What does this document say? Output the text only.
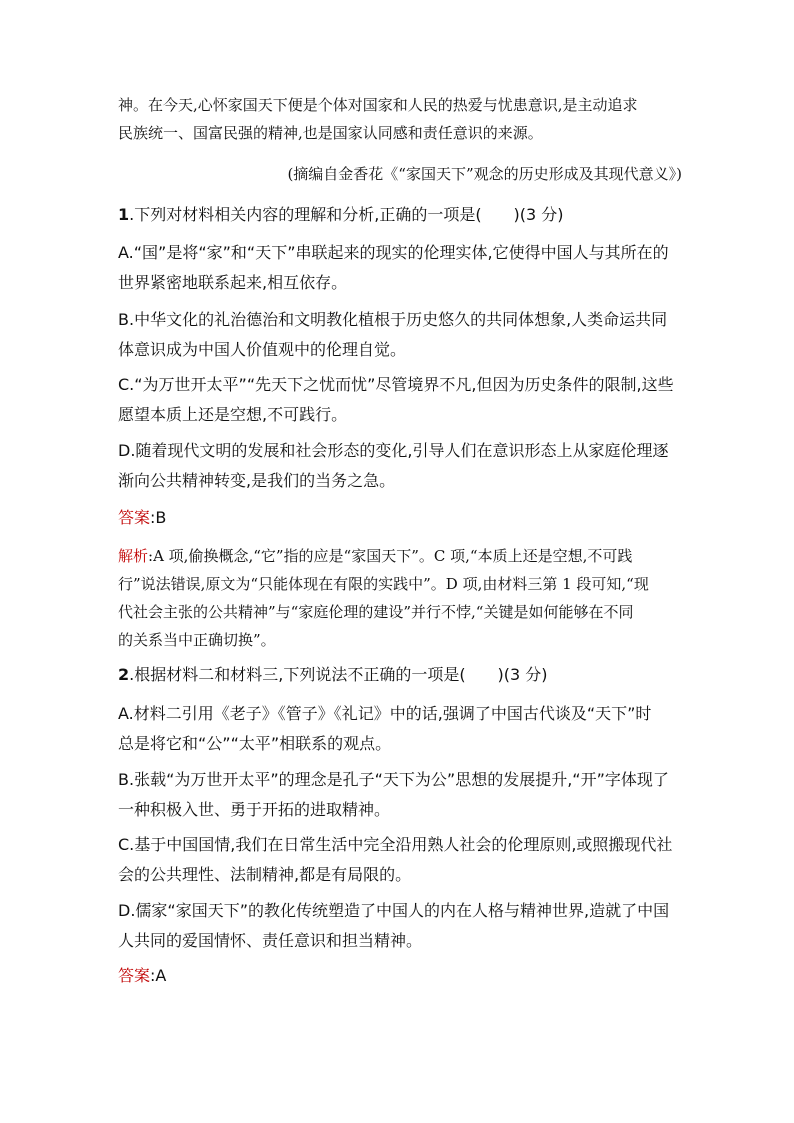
神。在今天,心怀家国天下便是个体对国家和人民的热爱与忧患意识,是主动追求
民族统一、国富民强的精神,也是国家认同感和责任意识的来源。
(摘编自金香花《“家国天下”观念的历史形成及其现代意义》)
1.下列对材料相关内容的理解和分析,正确的一项是(　　)(3 分)
A.“国”是将“家”和“天下”串联起来的现实的伦理实体,它使得中国人与其所在的
世界紧密地联系起来,相互依存。
B.中华文化的礼治德治和文明教化植根于历史悠久的共同体想象,人类命运共同
体意识成为中国人价值观中的伦理自觉。
C.“为万世开太平”“先天下之忧而忧”尽管境界不凡,但因为历史条件的限制,这些
愿望本质上还是空想,不可践行。
D.随着现代文明的发展和社会形态的变化,引导人们在意识形态上从家庭伦理逐
渐向公共精神转变,是我们的当务之急。
答案:B
解析:A 项,偷换概念,“它”指的应是“家国天下”。C 项,“本质上还是空想,不可践
行”说法错误,原文为“只能体现在有限的实践中”。D 项,由材料三第 1 段可知,“现
代社会主张的公共精神”与“家庭伦理的建设”并行不悖,“关键是如何能够在不同
的关系当中正确切换”。
2.根据材料二和材料三,下列说法不正确的一项是(　　)(3 分)
A.材料二引用《老子》《管子》《礼记》中的话,强调了中国古代谈及“天下”时
总是将它和“公”“太平”相联系的观点。
B.张载“为万世开太平”的理念是孔子“天下为公”思想的发展提升,“开”字体现了
一种积极入世、勇于开拓的进取精神。
C.基于中国国情,我们在日常生活中完全沿用熟人社会的伦理原则,或照搬现代社
会的公共理性、法制精神,都是有局限的。
D.儒家“家国天下”的教化传统塑造了中国人的内在人格与精神世界,造就了中国
人共同的爱国情怀、责任意识和担当精神。
答案:A
